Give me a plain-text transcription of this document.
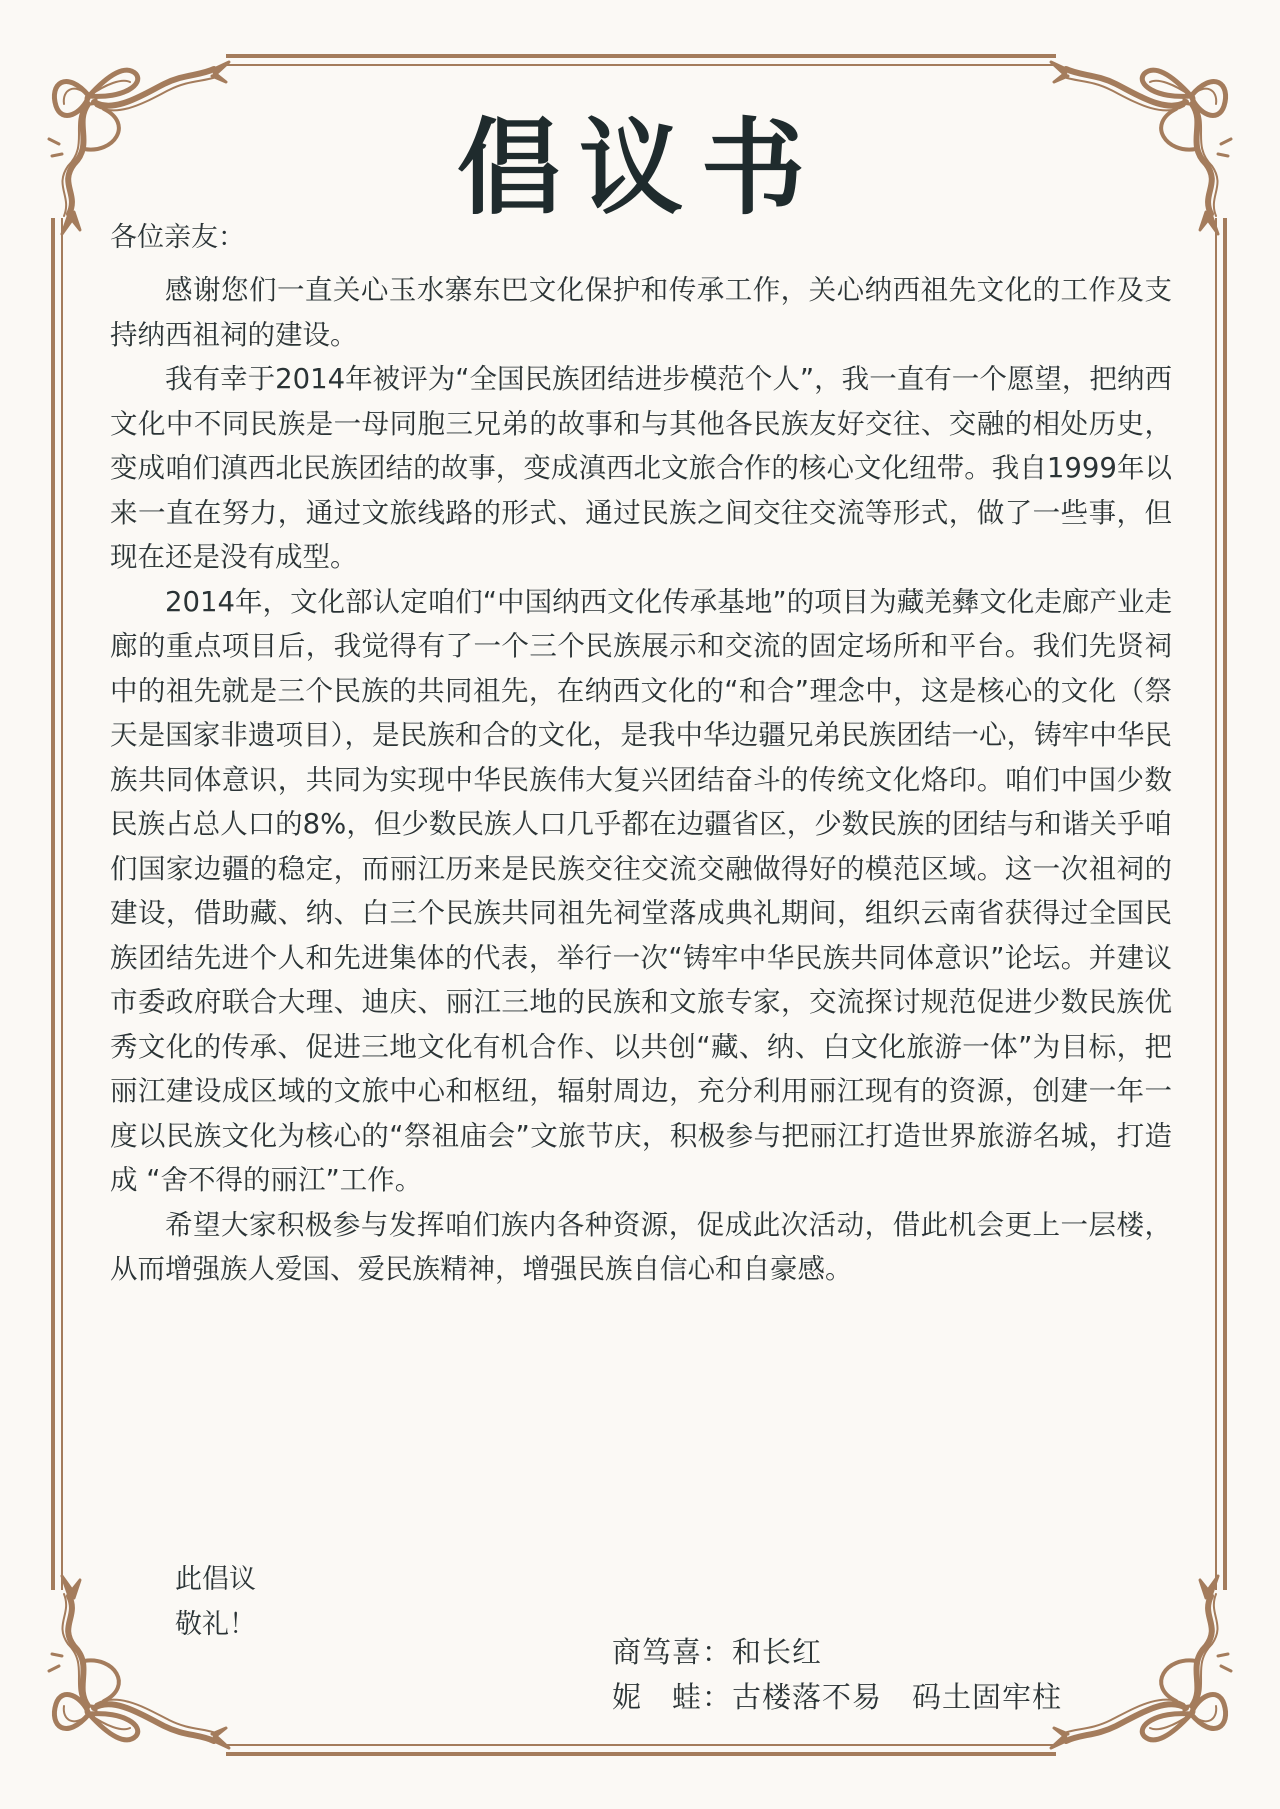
倡议书
各位亲友：

感谢您们一直关心玉水寨东巴文化保护和传承工作，关心纳西祖先文化的工作及支持纳西祖祠的建设。

我有幸于2014年被评为“全国民族团结进步模范个人”，我一直有一个愿望，把纳西文化中不同民族是一母同胞三兄弟的故事和与其他各民族友好交往、交融的相处历史，变成咱们滇西北民族团结的故事，变成滇西北文旅合作的核心文化纽带。我自1999年以来一直在努力，通过文旅线路的形式、通过民族之间交往交流等形式，做了一些事，但现在还是没有成型。

2014年，文化部认定咱们“中国纳西文化传承基地”的项目为藏羌彝文化走廊产业走廊的重点项目后，我觉得有了一个三个民族展示和交流的固定场所和平台。我们先贤祠中的祖先就是三个民族的共同祖先，在纳西文化的“和合”理念中，这是核心的文化（祭天是国家非遗项目），是民族和合的文化，是我中华边疆兄弟民族团结一心，铸牢中华民族共同体意识，共同为实现中华民族伟大复兴团结奋斗的传统文化烙印。咱们中国少数民族占总人口的8%，但少数民族人口几乎都在边疆省区，少数民族的团结与和谐关乎咱们国家边疆的稳定，而丽江历来是民族交往交流交融做得好的模范区域。这一次祖祠的建设，借助藏、纳、白三个民族共同祖先祠堂落成典礼期间，组织云南省获得过全国民族团结先进个人和先进集体的代表，举行一次“铸牢中华民族共同体意识”论坛。并建议市委政府联合大理、迪庆、丽江三地的民族和文旅专家，交流探讨规范促进少数民族优秀文化的传承、促进三地文化有机合作、以共创“藏、纳、白文化旅游一体”为目标，把丽江建设成区域的文旅中心和枢纽，辐射周边，充分利用丽江现有的资源，创建一年一度以民族文化为核心的“祭祖庙会”文旅节庆，积极参与把丽江打造世界旅游名城，打造成 “舍不得的丽江”工作。

希望大家积极参与发挥咱们族内各种资源，促成此次活动，借此机会更上一层楼，从而增强族人爱国、爱民族精神，增强民族自信心和自豪感。

此倡议
敬礼！
商笃喜：和长红
妮　蛙：古楼落不易　码土固牢柱
